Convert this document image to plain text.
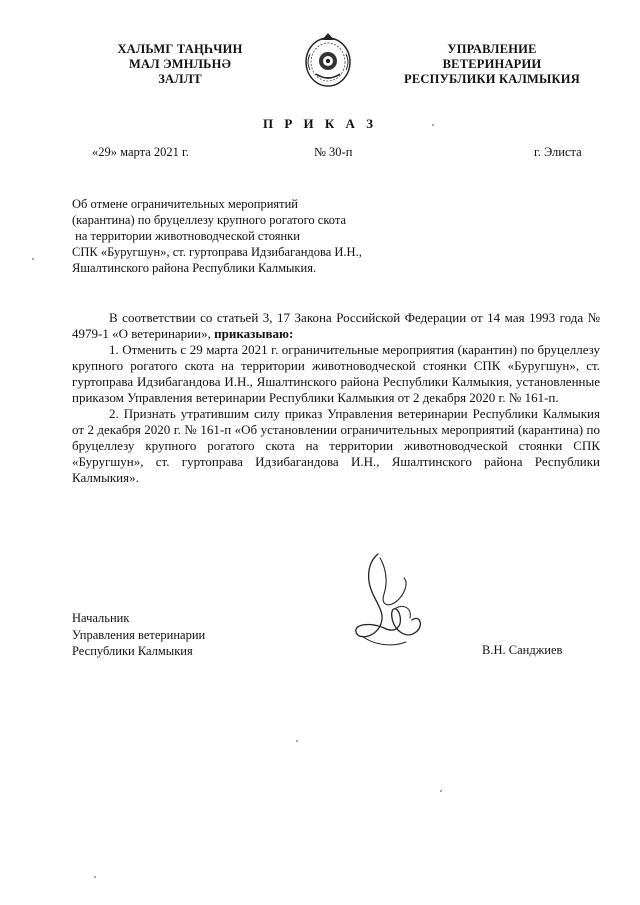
ХАЛЬМГ ТАҢҺЧИН
МАЛ ЭМНЛЬНӘ
ЗАЛЛТ
УПРАВЛЕНИЕ
ВЕТЕРИНАРИИ
РЕСПУБЛИКИ КАЛМЫКИЯ
П Р И К А З
«29» марта 2021 г.	№ 30-п	г. Элиста
Об отмене ограничительных мероприятий
(карантина) по бруцеллезу крупного рогатого скота
на территории животноводческой стоянки
СПК «Буругшун», ст. гуртоправа Идзибагандова И.Н.,
Яшалтинского района Республики Калмыкия.

В соответствии со статьей 3, 17 Закона Российской Федерации от 14 мая 1993 года № 4979-1 «О ветеринарии», приказываю:

1. Отменить с 29 марта 2021 г. ограничительные мероприятия (карантин) по бруцеллезу крупного рогатого скота на территории животноводческой стоянки СПК «Буругшун», ст. гуртоправа Идзибагандова И.Н., Яшалтинского района Республики Калмыкия, установленные приказом Управления ветеринарии Республики Калмыкия от 2 декабря 2020 г. № 161-п.

2. Признать утратившим силу приказ Управления ветеринарии Республики Калмыкия от 2 декабря 2020 г. № 161-п «Об установлении ограничительных мероприятий (карантина) по бруцеллезу крупного рогатого скота на территории животноводческой стоянки СПК «Буругшун», ст. гуртоправа Идзибагандова И.Н., Яшалтинского района Республики Калмыкия».

Начальник
Управления ветеринарии
Республики Калмыкия	В.Н. Санджиев
